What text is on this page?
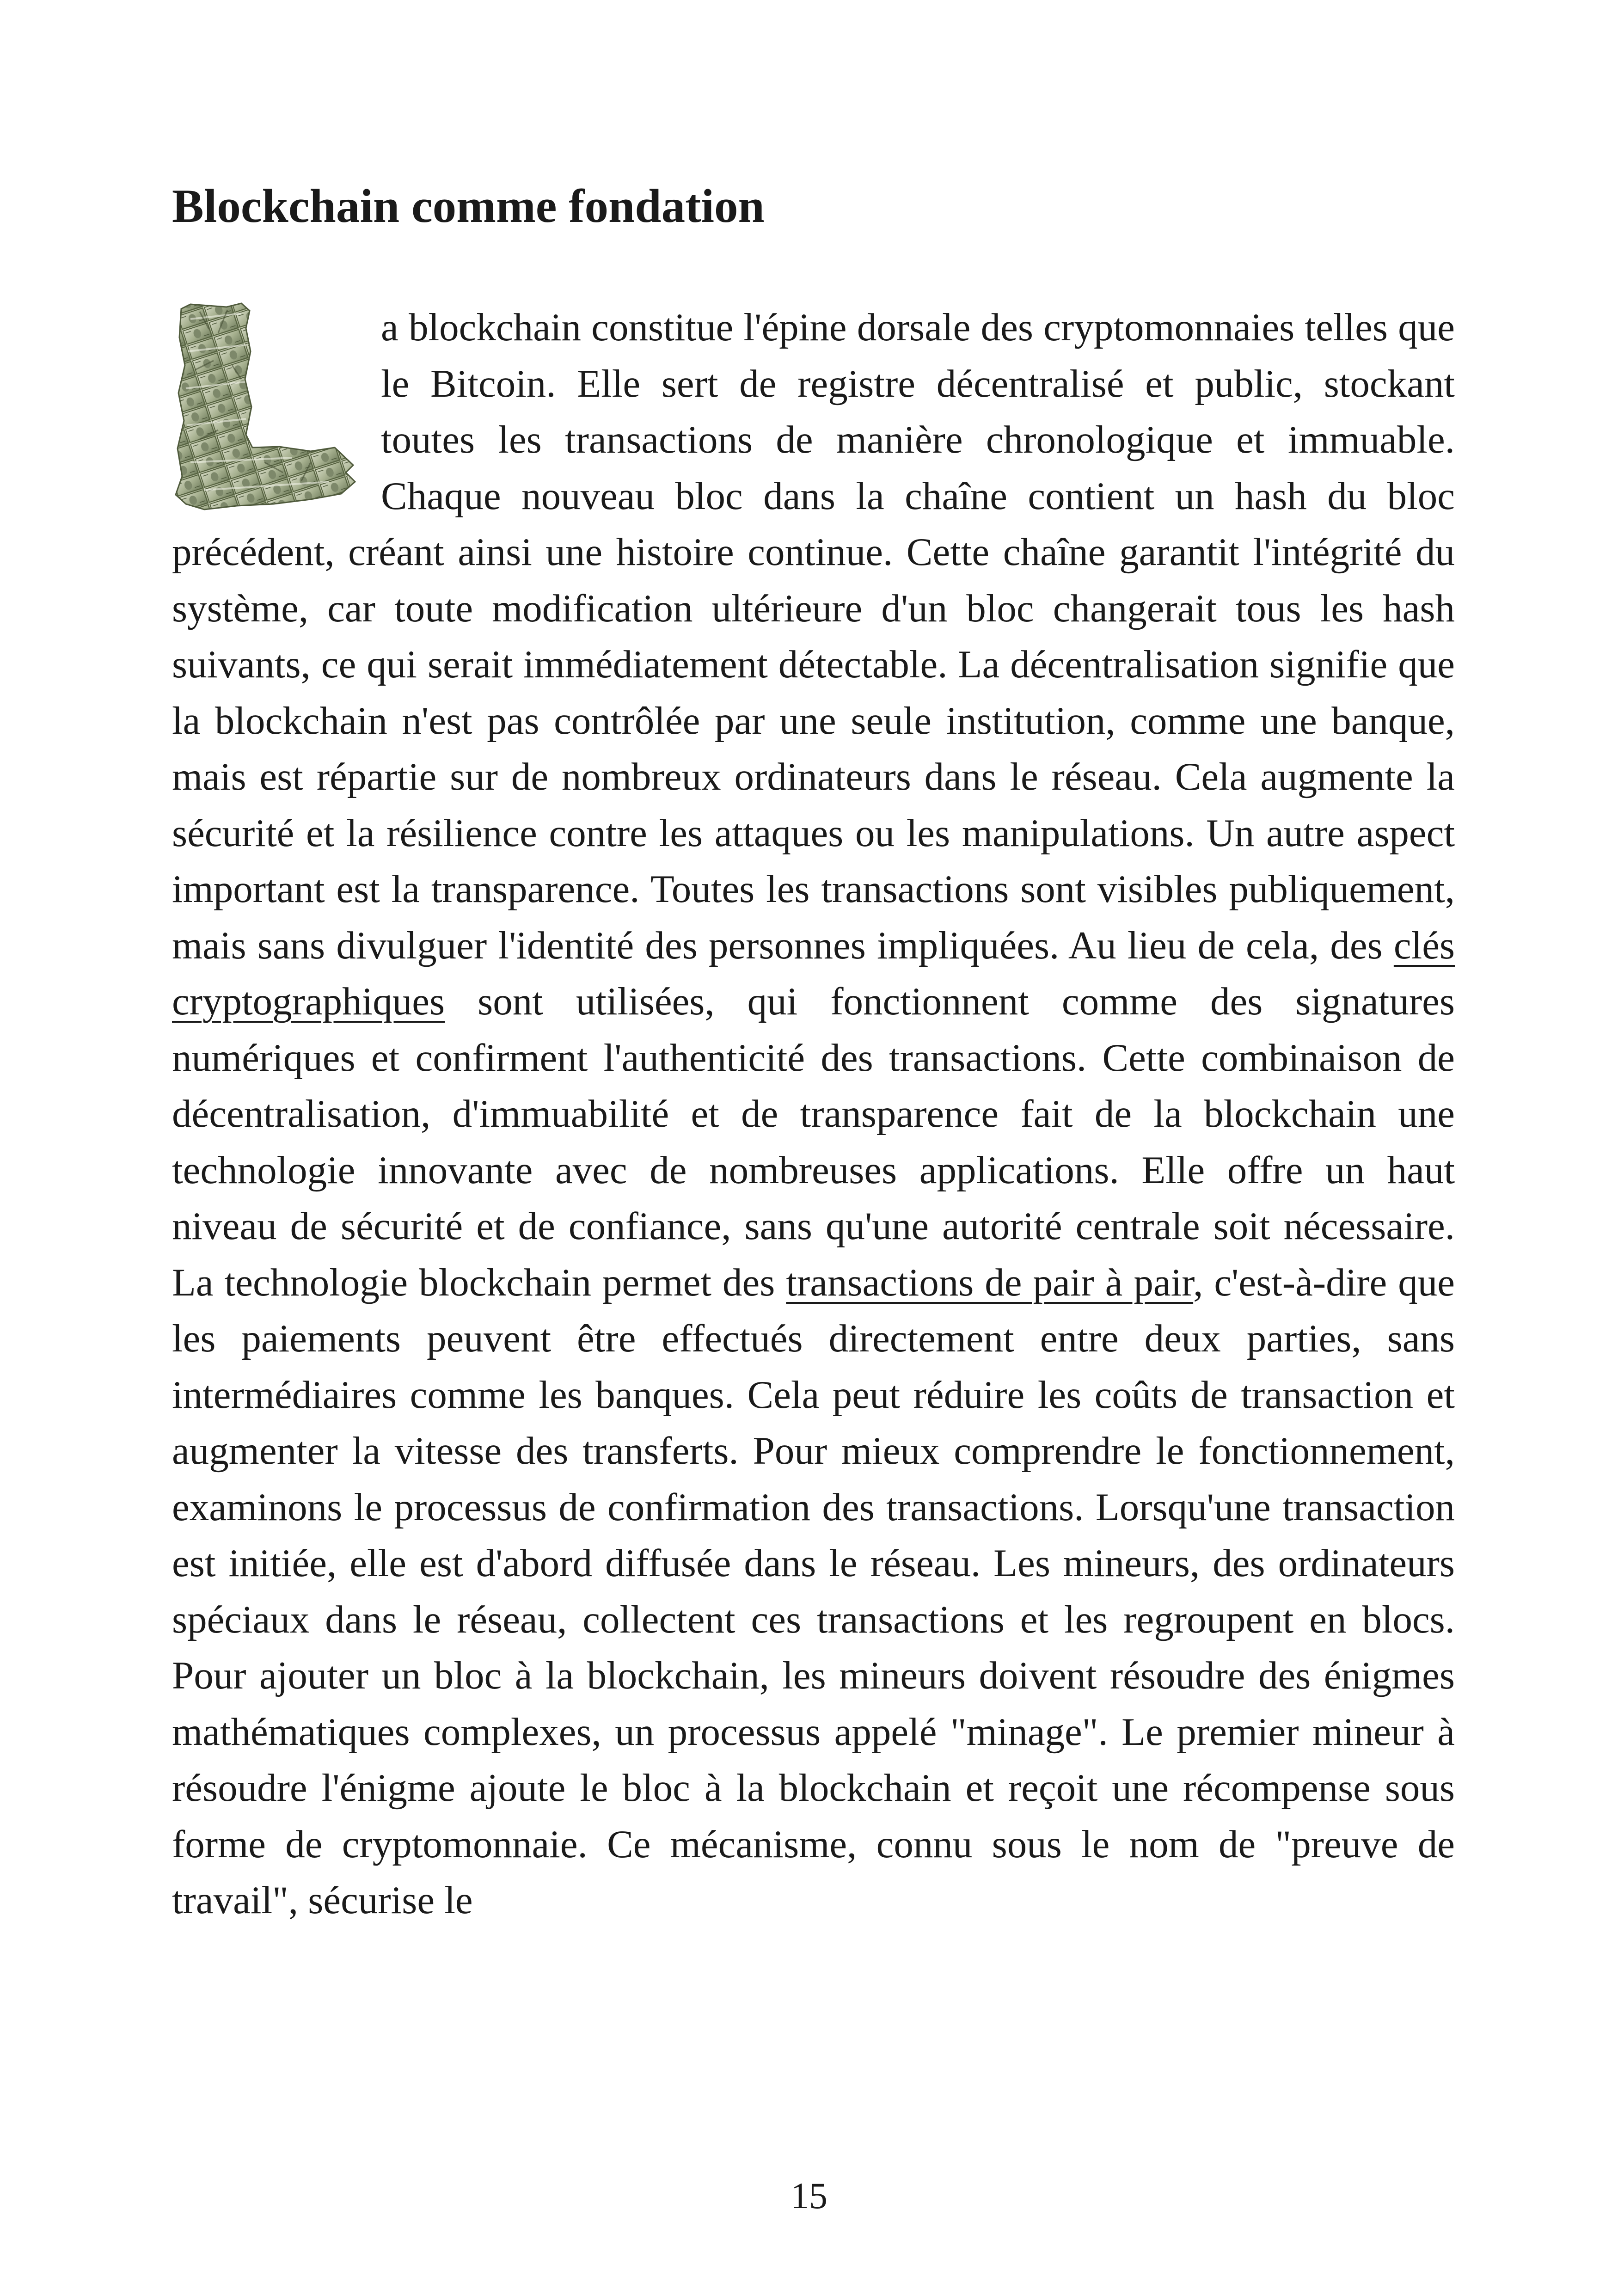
Blockchain comme fondation

a blockchain constitue l'épine dorsale des cryptomonnaies telles que le Bitcoin. Elle sert de registre décentralisé et public, stockant toutes les transactions de manière chronologique et immuable. Chaque nouveau bloc dans la chaîne contient un hash du bloc précédent, créant ainsi une histoire continue. Cette chaîne garantit l'intégrité du système, car toute modification ultérieure d'un bloc changerait tous les hash suivants, ce qui serait immédiatement détectable. La décentralisation signifie que la blockchain n'est pas contrôlée par une seule institution, comme une banque, mais est répartie sur de nombreux ordinateurs dans le réseau. Cela augmente la sécurité et la résilience contre les attaques ou les manipulations. Un autre aspect important est la transparence. Toutes les transactions sont visibles publiquement, mais sans divulguer l'identité des personnes impliquées. Au lieu de cela, des clés cryptographiques sont utilisées, qui fonctionnent comme des signatures numériques et confirment l'authenticité des transactions. Cette combinaison de décentralisation, d'immuabilité et de transparence fait de la blockchain une technologie innovante avec de nombreuses applications. Elle offre un haut niveau de sécurité et de confiance, sans qu'une autorité centrale soit nécessaire. La technologie blockchain permet des transactions de pair à pair, c'est-à-dire que les paiements peuvent être effectués directement entre deux parties, sans intermédiaires comme les banques. Cela peut réduire les coûts de transaction et augmenter la vitesse des transferts. Pour mieux comprendre le fonctionnement, examinons le processus de confirmation des transactions. Lorsqu'une transaction est initiée, elle est d'abord diffusée dans le réseau. Les mineurs, des ordinateurs spéciaux dans le réseau, collectent ces transactions et les regroupent en blocs. Pour ajouter un bloc à la blockchain, les mineurs doivent résoudre des énigmes mathématiques complexes, un processus appelé "minage". Le premier mineur à résoudre l'énigme ajoute le bloc à la blockchain et reçoit une récompense sous forme de cryptomonnaie. Ce mécanisme, connu sous le nom de "preuve de travail", sécurise le

15
